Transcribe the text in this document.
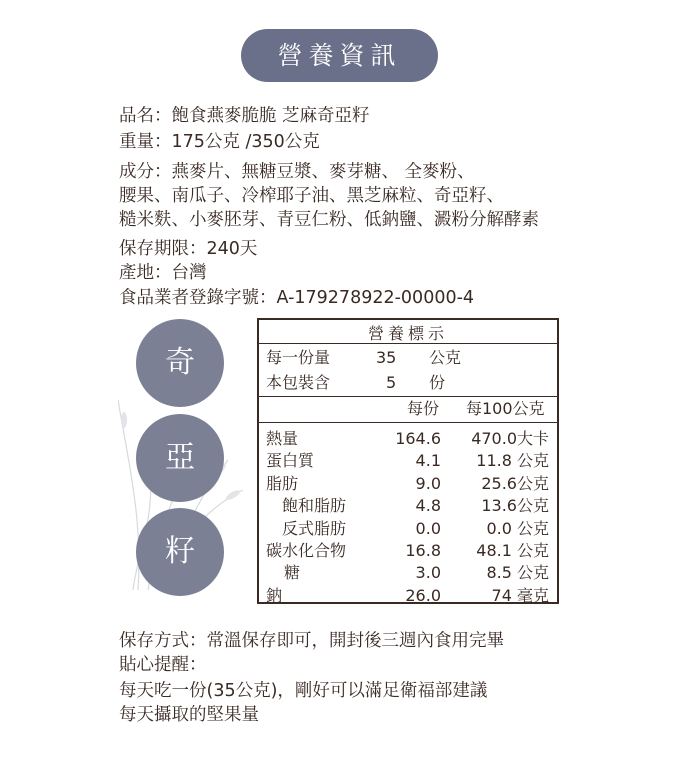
營養資訊
品名：飽食燕麥脆脆 芝麻奇亞籽
重量：175公克 /350公克
成分：燕麥片、無糖豆漿、麥芽糖、 全麥粉、
腰果、南瓜子、冷榨耶子油、黑芝麻粒、奇亞籽、
糙米麩、小麥胚芽、青豆仁粉、低鈉鹽、澱粉分解酵素
保存期限：240天
產地：台灣
食品業者登錄字號：A-179278922-00000-4
奇
亞
籽
營養標示
每一份量	35 公克
本包裝含	5 份
每份 每100公克
熱量	164.6	470.0大卡
蛋白質	4.1	11.8 公克
脂肪	9.0	25.6公克
飽和脂肪	4.8	13.6公克
反式脂肪	0.0	0.0 公克
碳水化合物	16.8	48.1 公克
糖	3.0	8.5 公克
鈉	26.0	74 毫克
保存方式：常溫保存即可，開封後三週內食用完畢
貼心提醒：
每天吃一份(35公克)，剛好可以滿足衛福部建議
每天攝取的堅果量
